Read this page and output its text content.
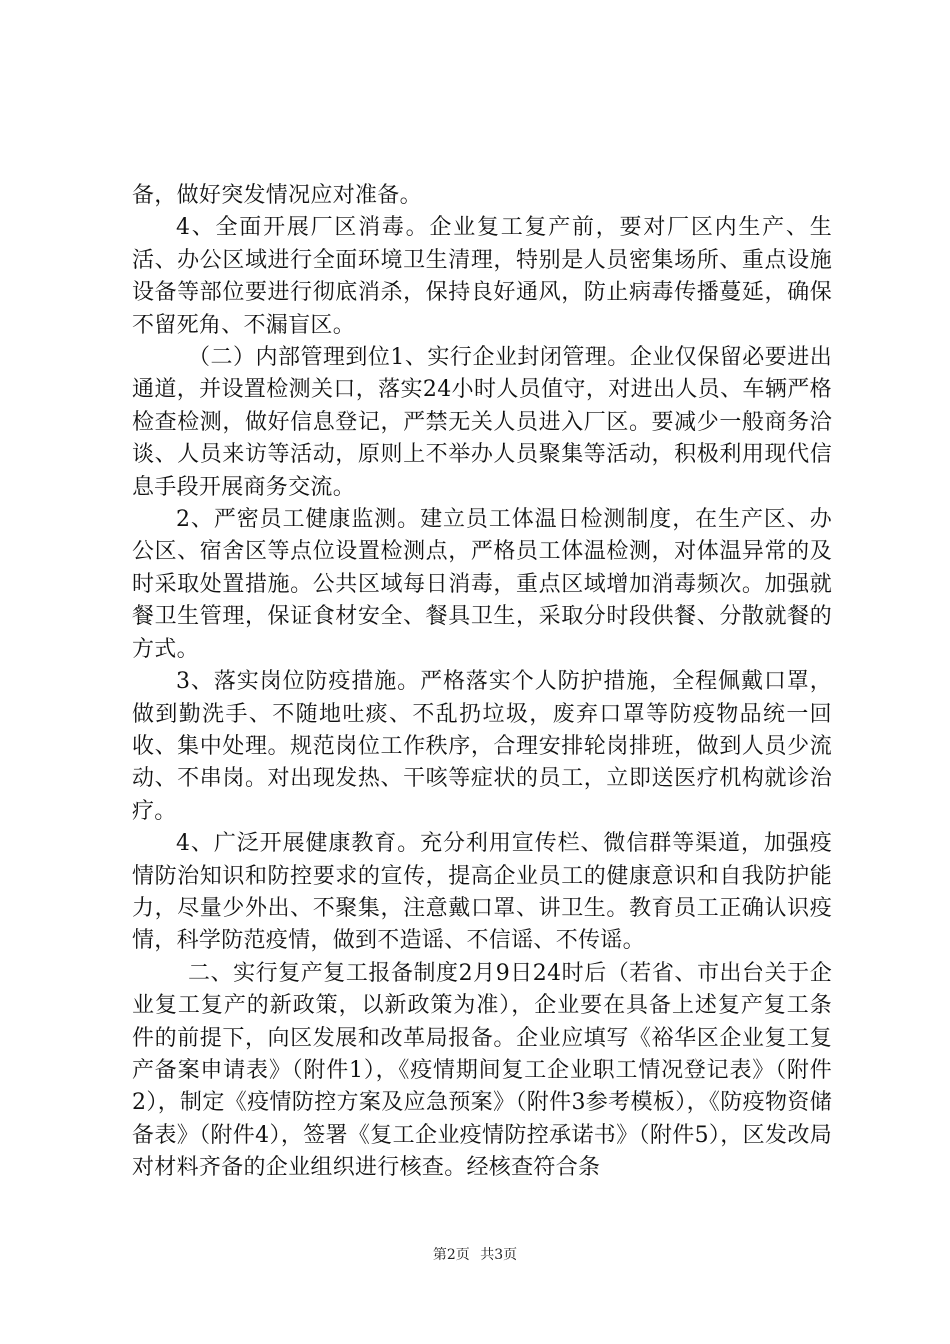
备，做好突发情况应对准备。

4、全面开展厂区消毒。企业复工复产前，要对厂区内生产、生活、办公区域进行全面环境卫生清理，特别是人员密集场所、重点设施设备等部位要进行彻底消杀，保持良好通风，防止病毒传播蔓延，确保不留死角、不漏盲区。

（二）内部管理到位1、实行企业封闭管理。企业仅保留必要进出通道，并设置检测关口，落实24小时人员值守，对进出人员、车辆严格检查检测，做好信息登记，严禁无关人员进入厂区。要减少一般商务洽谈、人员来访等活动，原则上不举办人员聚集等活动，积极利用现代信息手段开展商务交流。

2、严密员工健康监测。建立员工体温日检测制度，在生产区、办公区、宿舍区等点位设置检测点，严格员工体温检测，对体温异常的及时采取处置措施。公共区域每日消毒，重点区域增加消毒频次。加强就餐卫生管理，保证食材安全、餐具卫生，采取分时段供餐、分散就餐的方式。

3、落实岗位防疫措施。严格落实个人防护措施，全程佩戴口罩，做到勤洗手、不随地吐痰、不乱扔垃圾，废弃口罩等防疫物品统一回收、集中处理。规范岗位工作秩序，合理安排轮岗排班，做到人员少流动、不串岗。对出现发热、干咳等症状的员工，立即送医疗机构就诊治疗。

4、广泛开展健康教育。充分利用宣传栏、微信群等渠道，加强疫情防治知识和防控要求的宣传，提高企业员工的健康意识和自我防护能力，尽量少外出、不聚集，注意戴口罩、讲卫生。教育员工正确认识疫情，科学防范疫情，做到不造谣、不信谣、不传谣。

二、实行复产复工报备制度2月9日24时后（若省、市出台关于企业复工复产的新政策，以新政策为准），企业要在具备上述复产复工条件的前提下，向区发展和改革局报备。企业应填写《裕华区企业复工复产备案申请表》（附件1），《疫情期间复工企业职工情况登记表》（附件2），制定《疫情防控方案及应急预案》（附件3参考模板），《防疫物资储备表》（附件4），签署《复工企业疫情防控承诺书》（附件5），区发改局对材料齐备的企业组织进行核查。经核查符合条

第2页 共3页
